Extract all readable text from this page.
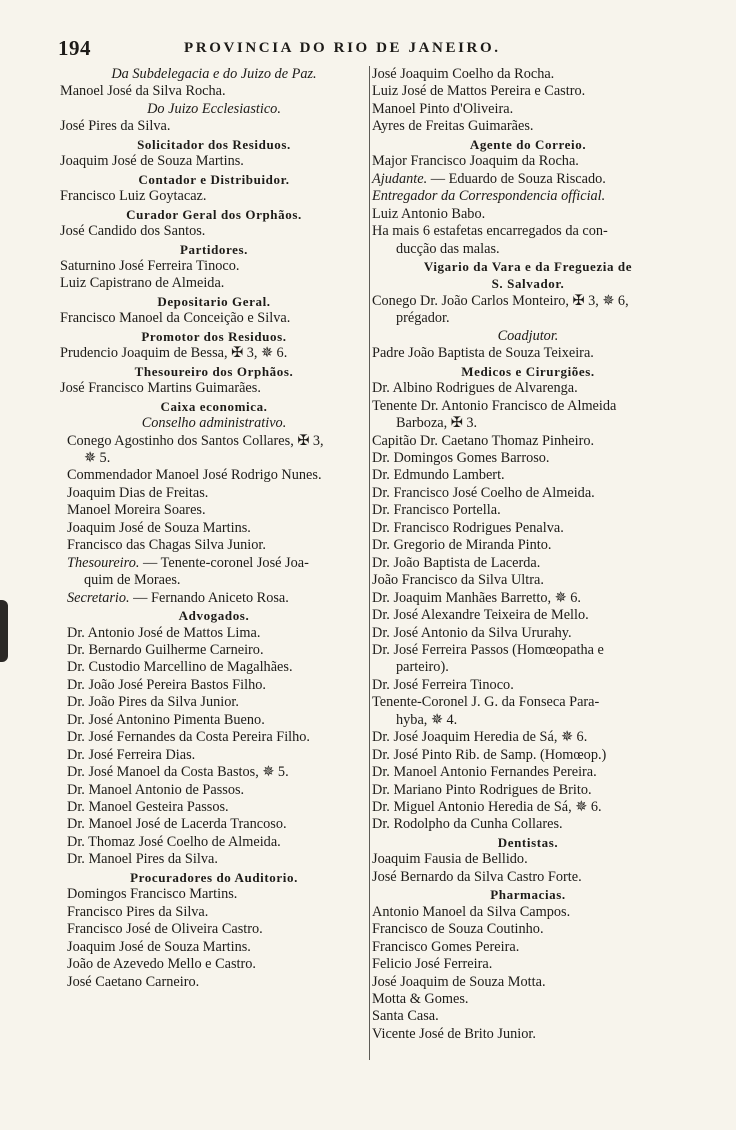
194	PROVINCIA DO RIO DE JANEIRO.
Da Subdelegacia e do Juizo de Paz.
Manoel José da Silva Rocha.
Do Juizo Ecclesiastico.
José Pires da Silva.
Solicitador dos Residuos.
Joaquim José de Souza Martins.
Contador e Distribuidor.
Francisco Luiz Goytacaz.
Curador Geral dos Orphãos.
José Candido dos Santos.
Partidores.
Saturnino José Ferreira Tinoco.
Luiz Capistrano de Almeida.
Depositario Geral.
Francisco Manoel da Conceição e Silva.
Promotor dos Residuos.
Prudencio Joaquim de Bessa, ✠ 3, ✵ 6.
Thesoureiro dos Orphãos.
José Francisco Martins Guimarães.
Caixa economica.
Conselho administrativo.
Conego Agostinho dos Santos Collares, ✠ 3,
✵ 5.
Commendador Manoel José Rodrigo Nunes.
Joaquim Dias de Freitas.
Manoel Moreira Soares.
Joaquim José de Souza Martins.
Francisco das Chagas Silva Junior.
Thesoureiro. — Tenente-coronel José Joa-
quim de Moraes.
Secretario. — Fernando Aniceto Rosa.
Advogados.
Dr. Antonio José de Mattos Lima.
Dr. Bernardo Guilherme Carneiro.
Dr. Custodio Marcellino de Magalhães.
Dr. João José Pereira Bastos Filho.
Dr. João Pires da Silva Junior.
Dr. José Antonino Pimenta Bueno.
Dr. José Fernandes da Costa Pereira Filho.
Dr. José Ferreira Dias.
Dr. José Manoel da Costa Bastos, ✵ 5.
Dr. Manoel Antonio de Passos.
Dr. Manoel Gesteira Passos.
Dr. Manoel José de Lacerda Trancoso.
Dr. Thomaz José Coelho de Almeida.
Dr. Manoel Pires da Silva.
Procuradores do Auditorio.
Domingos Francisco Martins.
Francisco Pires da Silva.
Francisco José de Oliveira Castro.
Joaquim José de Souza Martins.
João de Azevedo Mello e Castro.
José Caetano Carneiro.
José Joaquim Coelho da Rocha.
Luiz José de Mattos Pereira e Castro.
Manoel Pinto d'Oliveira.
Ayres de Freitas Guimarães.
Agente do Correio.
Major Francisco Joaquim da Rocha.
Ajudante. — Eduardo de Souza Riscado.
Entregador da Correspondencia official.
Luiz Antonio Babo.
Ha mais 6 estafetas encarregados da con-
ducção das malas.
Vigario da Vara e da Freguezia de
S. Salvador.
Conego Dr. João Carlos Monteiro, ✠ 3, ✵ 6,
prégador.
Coadjutor.
Padre João Baptista de Souza Teixeira.
Medicos e Cirurgiões.
Dr. Albino Rodrigues de Alvarenga.
Tenente Dr. Antonio Francisco de Almeida
Barboza, ✠ 3.
Capitão Dr. Caetano Thomaz Pinheiro.
Dr. Domingos Gomes Barroso.
Dr. Edmundo Lambert.
Dr. Francisco José Coelho de Almeida.
Dr. Francisco Portella.
Dr. Francisco Rodrigues Penalva.
Dr. Gregorio de Miranda Pinto.
Dr. João Baptista de Lacerda.
João Francisco da Silva Ultra.
Dr. Joaquim Manhães Barretto, ✵ 6.
Dr. José Alexandre Teixeira de Mello.
Dr. José Antonio da Silva Ururahy.
Dr. José Ferreira Passos (Homœopatha e
parteiro).
Dr. José Ferreira Tinoco.
Tenente-Coronel J. G. da Fonseca Para-
hyba, ✵ 4.
Dr. José Joaquim Heredia de Sá, ✵ 6.
Dr. José Pinto Rib. de Samp. (Homœop.)
Dr. Manoel Antonio Fernandes Pereira.
Dr. Mariano Pinto Rodrigues de Brito.
Dr. Miguel Antonio Heredia de Sá, ✵ 6.
Dr. Rodolpho da Cunha Collares.
Dentistas.
Joaquim Fausia de Bellido.
José Bernardo da Silva Castro Forte.
Pharmacias.
Antonio Manoel da Silva Campos.
Francisco de Souza Coutinho.
Francisco Gomes Pereira.
Felicio José Ferreira.
José Joaquim de Souza Motta.
Motta & Gomes.
Santa Casa.
Vicente José de Brito Junior.
